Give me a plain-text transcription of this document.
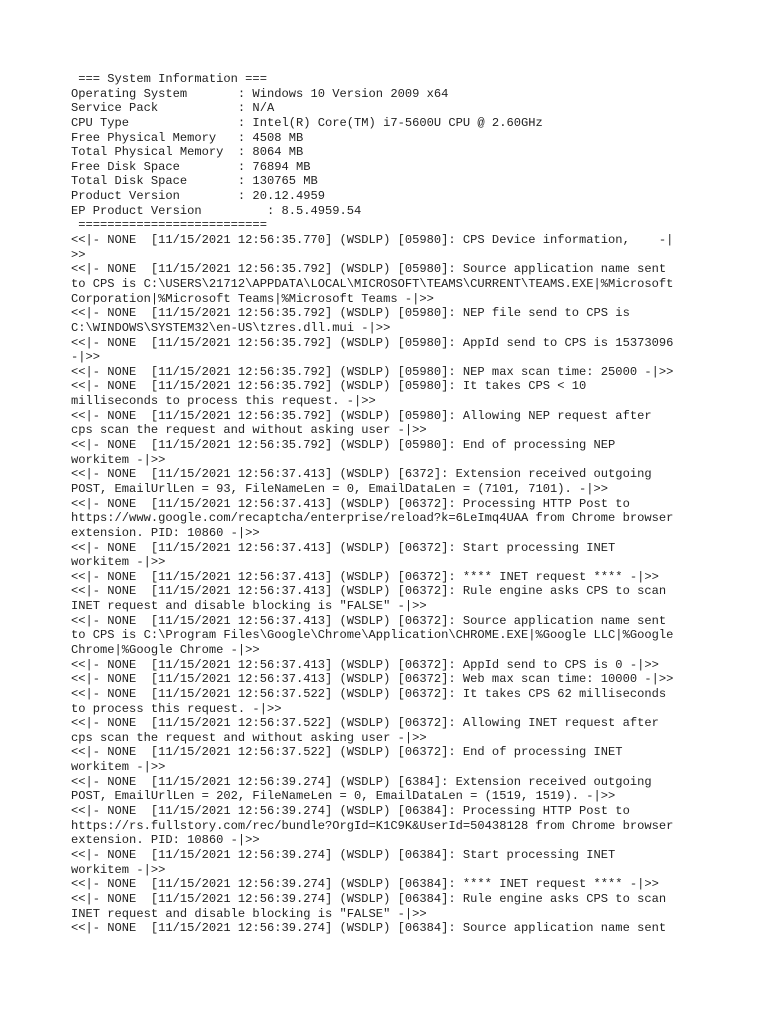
=== System Information ===
Operating System       : Windows 10 Version 2009 x64
Service Pack           : N/A
CPU Type               : Intel(R) Core(TM) i7-5600U CPU @ 2.60GHz
Free Physical Memory   : 4508 MB
Total Physical Memory  : 8064 MB
Free Disk Space        : 76894 MB
Total Disk Space       : 130765 MB
Product Version        : 20.12.4959
EP Product Version         : 8.5.4959.54
==========================
<<|- NONE  [11/15/2021 12:56:35.770] (WSDLP) [05980]: CPS Device information,    -|
>>
<<|- NONE  [11/15/2021 12:56:35.792] (WSDLP) [05980]: Source application name sent
to CPS is C:\USERS\21712\APPDATA\LOCAL\MICROSOFT\TEAMS\CURRENT\TEAMS.EXE|%Microsoft
Corporation|%Microsoft Teams|%Microsoft Teams -|>>
<<|- NONE  [11/15/2021 12:56:35.792] (WSDLP) [05980]: NEP file send to CPS is
C:\WINDOWS\SYSTEM32\en-US\tzres.dll.mui -|>>
<<|- NONE  [11/15/2021 12:56:35.792] (WSDLP) [05980]: AppId send to CPS is 15373096
-|>>
<<|- NONE  [11/15/2021 12:56:35.792] (WSDLP) [05980]: NEP max scan time: 25000 -|>>
<<|- NONE  [11/15/2021 12:56:35.792] (WSDLP) [05980]: It takes CPS < 10
milliseconds to process this request. -|>>
<<|- NONE  [11/15/2021 12:56:35.792] (WSDLP) [05980]: Allowing NEP request after
cps scan the request and without asking user -|>>
<<|- NONE  [11/15/2021 12:56:35.792] (WSDLP) [05980]: End of processing NEP
workitem -|>>
<<|- NONE  [11/15/2021 12:56:37.413] (WSDLP) [6372]: Extension received outgoing
POST, EmailUrlLen = 93, FileNameLen = 0, EmailDataLen = (7101, 7101). -|>>
<<|- NONE  [11/15/2021 12:56:37.413] (WSDLP) [06372]: Processing HTTP Post to
https://www.google.com/recaptcha/enterprise/reload?k=6LeImq4UAA from Chrome browser
extension. PID: 10860 -|>>
<<|- NONE  [11/15/2021 12:56:37.413] (WSDLP) [06372]: Start processing INET
workitem -|>>
<<|- NONE  [11/15/2021 12:56:37.413] (WSDLP) [06372]: **** INET request **** -|>>
<<|- NONE  [11/15/2021 12:56:37.413] (WSDLP) [06372]: Rule engine asks CPS to scan
INET request and disable blocking is "FALSE" -|>>
<<|- NONE  [11/15/2021 12:56:37.413] (WSDLP) [06372]: Source application name sent
to CPS is C:\Program Files\Google\Chrome\Application\CHROME.EXE|%Google LLC|%Google
Chrome|%Google Chrome -|>>
<<|- NONE  [11/15/2021 12:56:37.413] (WSDLP) [06372]: AppId send to CPS is 0 -|>>
<<|- NONE  [11/15/2021 12:56:37.413] (WSDLP) [06372]: Web max scan time: 10000 -|>>
<<|- NONE  [11/15/2021 12:56:37.522] (WSDLP) [06372]: It takes CPS 62 milliseconds
to process this request. -|>>
<<|- NONE  [11/15/2021 12:56:37.522] (WSDLP) [06372]: Allowing INET request after
cps scan the request and without asking user -|>>
<<|- NONE  [11/15/2021 12:56:37.522] (WSDLP) [06372]: End of processing INET
workitem -|>>
<<|- NONE  [11/15/2021 12:56:39.274] (WSDLP) [6384]: Extension received outgoing
POST, EmailUrlLen = 202, FileNameLen = 0, EmailDataLen = (1519, 1519). -|>>
<<|- NONE  [11/15/2021 12:56:39.274] (WSDLP) [06384]: Processing HTTP Post to
https://rs.fullstory.com/rec/bundle?OrgId=K1C9K&UserId=50438128 from Chrome browser
extension. PID: 10860 -|>>
<<|- NONE  [11/15/2021 12:56:39.274] (WSDLP) [06384]: Start processing INET
workitem -|>>
<<|- NONE  [11/15/2021 12:56:39.274] (WSDLP) [06384]: **** INET request **** -|>>
<<|- NONE  [11/15/2021 12:56:39.274] (WSDLP) [06384]: Rule engine asks CPS to scan
INET request and disable blocking is "FALSE" -|>>
<<|- NONE  [11/15/2021 12:56:39.274] (WSDLP) [06384]: Source application name sent
